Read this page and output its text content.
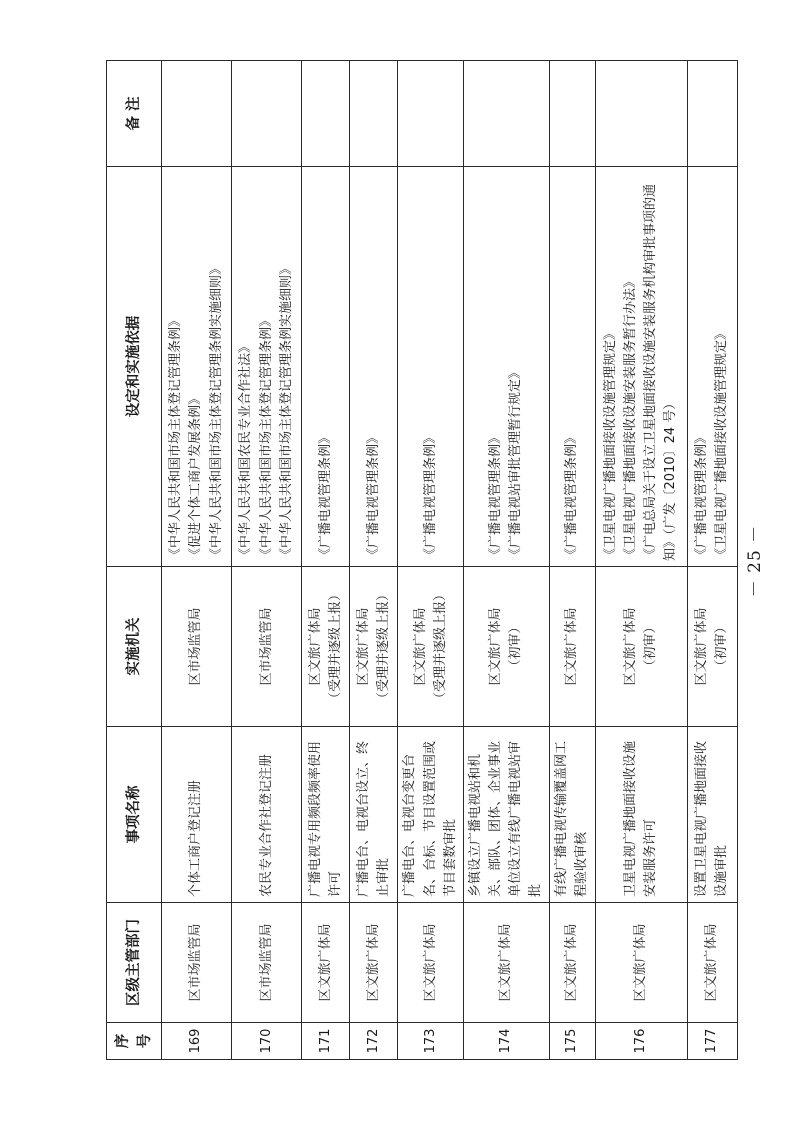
序号	区级主管部门	事项名称	实施机关	设定和实施依据	备 注
169	区市场监管局	个体工商户登记注册	区市场监管局	《中华人民共和国市场主体登记管理条例》 《促进个体工商户发展条例》 《中华人民共和国市场主体登记管理条例实施细则》	

170	区市场监管局	农民专业合作社登记注册	区市场监管局	《中华人民共和国农民专业合作社法》 《中华人民共和国市场主体登记管理条例》 《中华人民共和国市场主体登记管理条例实施细则》	

171	区文旅广体局	广播电视专用频段频率使用许可	区文旅广体局 （受理并逐级上报）	《广播电视管理条例》	

172	区文旅广体局	广播电台、电视台设立、终止审批	区文旅广体局 （受理并逐级上报）	《广播电视管理条例》	

173	区文旅广体局	广播电台、电视台变更台名、台标、节目设置范围或节目套数审批	区文旅广体局 （受理并逐级上报）	《广播电视管理条例》	

174	区文旅广体局	乡镇设立广播电视站和机关、部队、团体、企业事业单位设立有线广播电视站审批	区文旅广体局 （初审）	《广播电视管理条例》 《广播电视站审批管理暂行规定》	

175	区文旅广体局	有线广播电视传输覆盖网工程验收审核	区文旅广体局	《广播电视管理条例》	

176	区文旅广体局	卫星电视广播地面接收设施安装服务许可	区文旅广体局 （初审）	《卫星电视广播地面接收设施管理规定》 《卫星电视广播地面接收设施安装服务暂行办法》 《广电总局关于设立卫星地面接收设施安装服务机构审批事项的通知》（广发〔2010〕24 号）	

177	区文旅广体局	设置卫星电视广播地面接收设施审批	区文旅广体局 （初审）	《广播电视管理条例》 《卫星电视广播地面接收设施管理规定》	

－ 25 －
